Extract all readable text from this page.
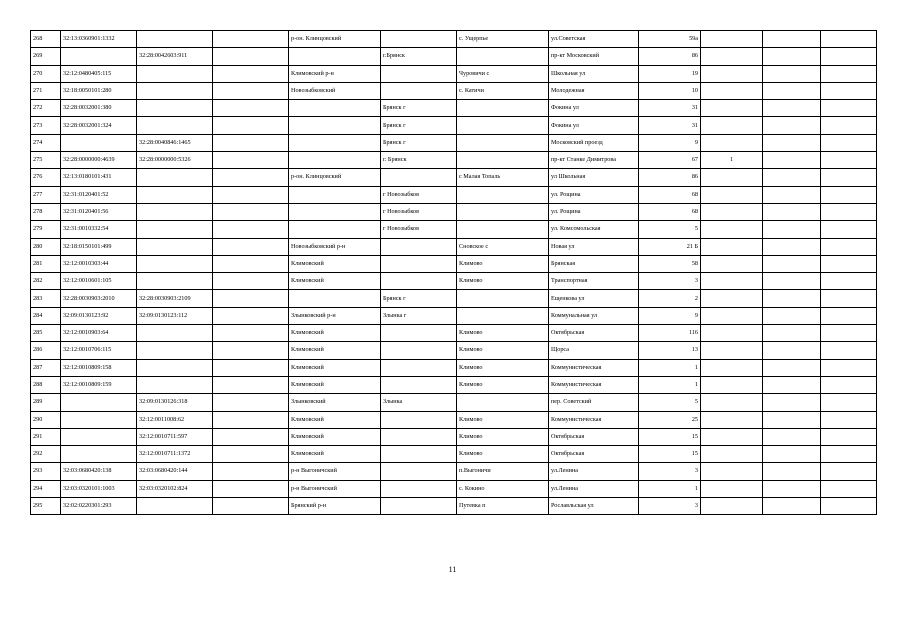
268	32:13:0360901:1332			р-он. Клинцовский		с. Ущерпье	ул.Советская	59а			
269		32:28:0042603:911			г.Брянск		пр-кт Московский	86			
270	32:12:0480405:115			Климовский р-н		Чуровичи с	Школьная ул	19			
271	32:18:0050101:280			Новозыбковский		с. Катичи	Молодежная	10			
272	32:28:0032001:380				Брянск г		Фокина ул	31			
273	32:28:0032001:324				Брянск г		Фокина ул	31			
274		32:28:0040846:1465			Брянск г		Московский проезд	9			
275	32:28:0000000:4639	32:28:0000000:5326			г. Брянск		пр-кт Станке Димитрова	67	1		
276	32:13:0180101:431			р-он. Клинцовский		с Малая Топаль	ул Школьная	86			
277	32:31:0120401:52				г Новозыбков		ул. Рощина	68			
278	32:31:0120401:56				г Новозыбков		ул. Рощина	68			
279	32:31:0010332:54				г Новозыбков		ул. Комсомольская	5			
280	32:18:0150101:499			Новозыбковский р-н		Сновское с	Новая ул	21 Б			
281	32:12:0010303:44			Климовский		Климово	Брянская	58			
282	32:12:0010601:105			Климовский		Климово	Транспортная	3			
283	32:28:0030903:2010	32:28:0030903:2109			Брянск г		Ещенкова ул	2			
284	32:09:0130123:92	32:09:0130123:112		Злынковский р-н	Злынка г		Коммунальная ул	9			
285	32:12:0010903:64			Климовский		Климово	Октябрьская	116			
286	32:12:0010706:115			Климовский		Климово	Щорса	13			
287	32:12:0010809:158			Климовский		Климово	Коммунистическая	1			
288	32:12:0010809:159			Климовский		Климово	Коммунистическая	1			
289		32:09:0130126:318		Злынковский	Злынка		пер. Советский	5			
290		32:12:0011008:62		Климовский		Климово	Коммунистическая	25			
291		32:12:0010711:597		Климовский		Климово	Октябрьская	15			
292		32:12:0010711:1372		Климовский		Климово	Октябрьская	15			
293	32:03:0680420:138	32:03:0680420:144		р-н Выгоничский		п.Выгоничи	ул.Ленина	3			
294	32:03:0320101:1003	32:03:0320102:824		р-н Выгоничский		с. Кокино	ул.Ленина	1			
295	32:02:0220301:293			Брянский р-н		Путевка п	Рославльская ул	3			
11
